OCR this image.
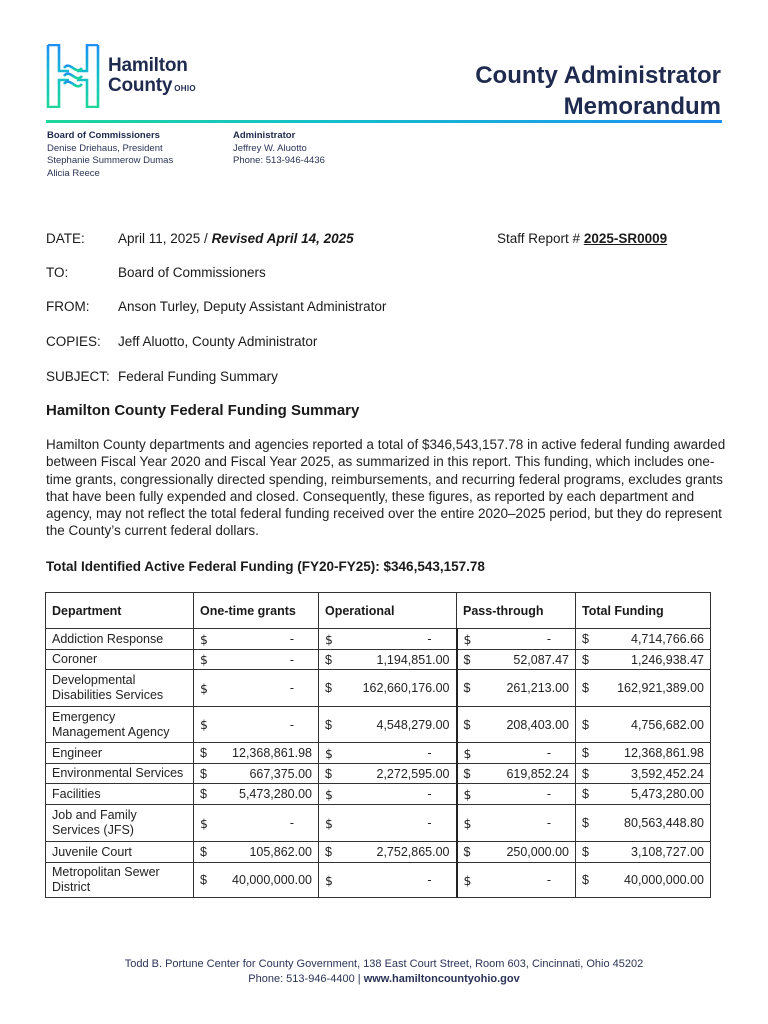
Hamilton
County OHIO	County Administrator
Memorandum
Board of Commissioners
Denise Driehaus, President
Stephanie Summerow Dumas
Alicia Reece
Administrator
Jeffrey W. Aluotto
Phone: 513-946-4436
DATE: April 11, 2025 / Revised April 14, 2025	Staff Report # 2025-SR0009
TO:	Board of Commissioners
FROM: Anson Turley, Deputy Assistant Administrator
COPIES: Jeff Aluotto, County Administrator
SUBJECT: Federal Funding Summary
Hamilton County Federal Funding Summary
Hamilton County departments and agencies reported a total of $346,543,157.78 in active federal funding awarded between Fiscal Year 2020 and Fiscal Year 2025, as summarized in this report. This funding, which includes one-time grants, congressionally directed spending, reimbursements, and recurring federal programs, excludes grants that have been fully expended and closed. Consequently, these figures, as reported by each department and agency, may not reflect the total federal funding received over the entire 2020–2025 period, but they do represent the County’s current federal dollars.
Total Identified Active Federal Funding (FY20-FY25): $346,543,157.78
Department	One-time grants	Operational	Pass-through	Total Funding
Addiction Response	$ -	$ -	$ -	$ 4,714,766.66

Coroner	$ -	$ 1,194,851.00	$ 52,087.47	$ 1,246,938.47

Developmental Disabilities Services	$ -	$ 162,660,176.00	$ 261,213.00	$ 162,921,389.00

Emergency Management Agency	$ -	$ 4,548,279.00	$ 208,403.00	$ 4,756,682.00

Engineer	$ 12,368,861.98	$ -	$ -	$ 12,368,861.98

Environmental Services	$ 667,375.00	$ 2,272,595.00	$ 619,852.24	$ 3,592,452.24

Facilities	$ 5,473,280.00	$ -	$ -	$ 5,473,280.00

Job and Family Services (JFS)	$ -	$ -	$ -	$ 80,563,448.80

Juvenile Court	$ 105,862.00	$ 2,752,865.00	$ 250,000.00	$ 3,108,727.00

Metropolitan Sewer District	$ 40,000,000.00	$ -	$ -	$ 40,000,000.00
Todd B. Portune Center for County Government, 138 East Court Street, Room 603, Cincinnati, Ohio 45202
Phone: 513-946-4400 | www.hamiltoncountyohio.gov
